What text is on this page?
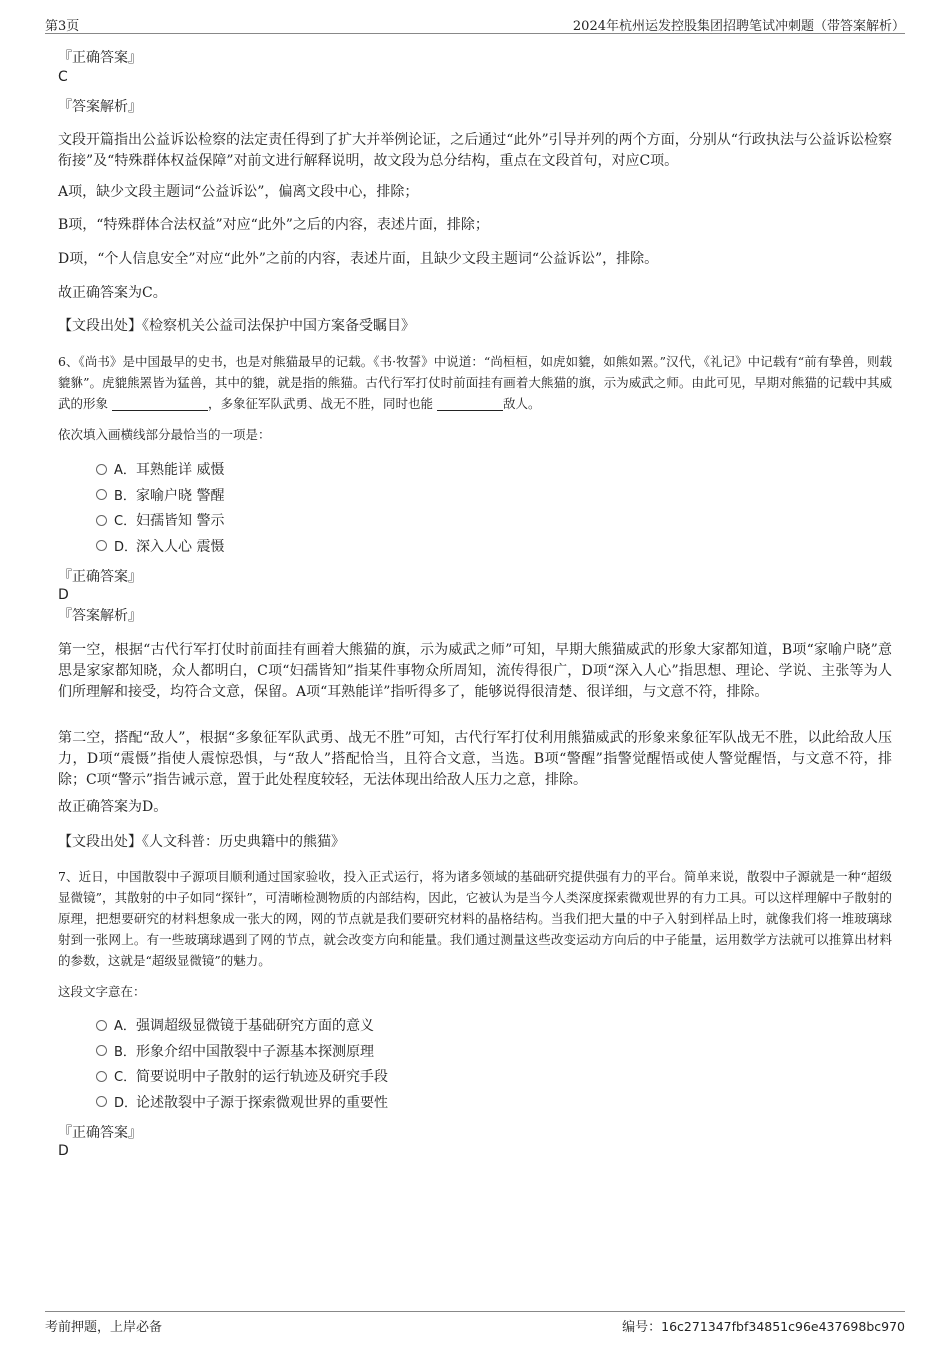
第3页	2024年杭州运发控股集团招聘笔试冲刺题（带答案解析）
『正确答案』
C
『答案解析』
文段开篇指出公益诉讼检察的法定责任得到了扩大并举例论证，之后通过“此外”引导并列的两个方面，分别从“行政执法与公益诉讼检察衔接”及“特殊群体权益保障”对前文进行解释说明，故文段为总分结构，重点在文段首句，对应C项。
A项，缺少文段主题词“公益诉讼”，偏离文段中心，排除；
B项，“特殊群体合法权益”对应“此外”之后的内容，表述片面，排除；
D项，“个人信息安全”对应“此外”之前的内容，表述片面，且缺少文段主题词“公益诉讼”，排除。
故正确答案为C。
【文段出处】《检察机关公益司法保护中国方案备受瞩目》
6、《尚书》是中国最早的史书，也是对熊猫最早的记载。《书·牧誓》中说道：“尚桓桓，如虎如貔，如熊如罴。”汉代，《礼记》中记载有“前有挚兽，则载貔貅”。虎貔熊罴皆为猛兽，其中的貔，就是指的熊猫。古代行军打仗时前面挂有画着大熊猫的旗，示为威武之师。由此可见，早期对熊猫的记载中其威武的形象	，多象征军队武勇、战无不胜，同时也能	敌人。
依次填入画横线部分最恰当的一项是：
A．耳熟能详 威慑
B．家喻户晓 警醒
C．妇孺皆知 警示
D．深入人心 震慑
『正确答案』
D
『答案解析』
第一空，根据“古代行军打仗时前面挂有画着大熊猫的旗，示为威武之师”可知，早期大熊猫威武的形象大家都知道，B项“家喻户晓”意思是家家都知晓，众人都明白，C项“妇孺皆知”指某件事物众所周知，流传得很广，D项“深入人心”指思想、理论、学说、主张等为人们所理解和接受，均符合文意，保留。A项“耳熟能详”指听得多了，能够说得很清楚、很详细，与文意不符，排除。
第二空，搭配“敌人”，根据“多象征军队武勇、战无不胜”可知，古代行军打仗利用熊猫威武的形象来象征军队战无不胜，以此给敌人压力，D项“震慑”指使人震惊恐惧，与“敌人”搭配恰当，且符合文意，当选。B项“警醒”指警觉醒悟或使人警觉醒悟，与文意不符，排除；C项“警示”指告诫示意，置于此处程度较轻，无法体现出给敌人压力之意，排除。
故正确答案为D。
【文段出处】《人文科普：历史典籍中的熊猫》
7、近日，中国散裂中子源项目顺利通过国家验收，投入正式运行，将为诸多领域的基础研究提供强有力的平台。简单来说，散裂中子源就是一种“超级显微镜”，其散射的中子如同“探针”，可清晰检测物质的内部结构，因此，它被认为是当今人类深度探索微观世界的有力工具。可以这样理解中子散射的原理，把想要研究的材料想象成一张大的网，网的节点就是我们要研究材料的晶格结构。当我们把大量的中子入射到样品上时，就像我们将一堆玻璃球射到一张网上。有一些玻璃球遇到了网的节点，就会改变方向和能量。我们通过测量这些改变运动方向后的中子能量，运用数学方法就可以推算出材料的参数，这就是“超级显微镜”的魅力。
这段文字意在：
A．强调超级显微镜于基础研究方面的意义
B．形象介绍中国散裂中子源基本探测原理
C．简要说明中子散射的运行轨迹及研究手段
D．论述散裂中子源于探索微观世界的重要性
『正确答案』
D
考前押题，上岸必备	编号：16c271347fbf34851c96e437698bc970
